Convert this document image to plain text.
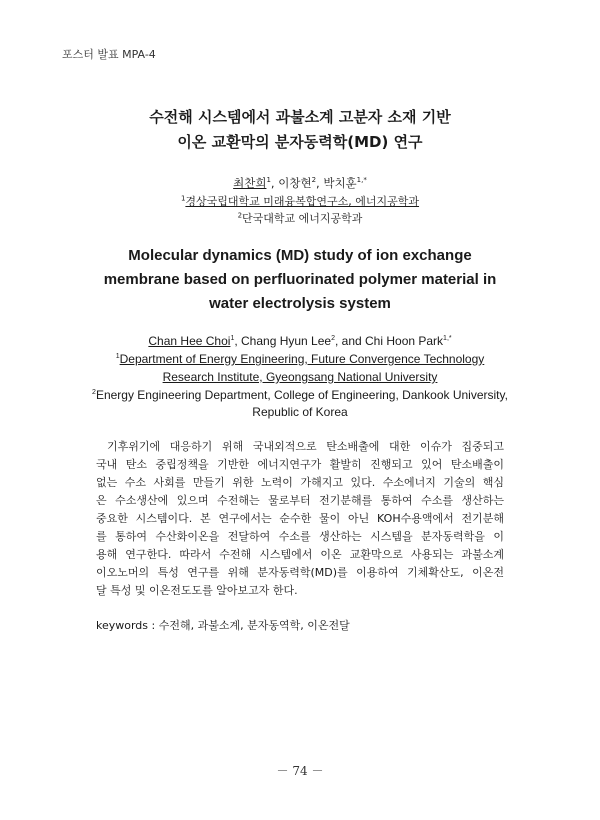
포스터 발표 MPA-4
수전해 시스템에서 과불소계 고분자 소재 기반
이온 교환막의 분자동력학(MD) 연구
최찬희$^1$, 이창현$^2$, 박치훈$^{1,*}$
$^1$경상국립대학교 미래융복합연구소, 에너지공학과
$^2$단국대학교 에너지공학과
Molecular dynamics (MD) study of ion exchange
membrane based on perfluorinated polymer material in
water electrolysis system
Chan Hee Choi$^1$, Chang Hyun Lee$^2$, and Chi Hoon Park$^{1,*}$
$^1$Department of Energy Engineering, Future Convergence Technology
Research Institute, Gyeongsang National University
$^2$Energy Engineering Department, College of Engineering, Dankook University,
Republic of Korea
기후위기에 대응하기 위해 국내외적으로 탄소배출에 대한 이슈가 집중되고
국내 탄소 중립정책을 기반한 에너지연구가 활발히 진행되고 있어 탄소배출이
없는 수소 사회를 만들기 위한 노력이 가해지고 있다. 수소에너지 기술의 핵심
은 수소생산에 있으며 수전해는 물로부터 전기분해를 통하여 수소를 생산하는
중요한 시스템이다. 본 연구에서는 순수한 물이 아닌 KOH수용액에서 전기분해
를 통하여 수산화이온을 전달하여 수소를 생산하는 시스템을 분자동력학을 이
용해 연구한다. 따라서 수전해 시스템에서 이온 교환막으로 사용되는 과불소계
이오노머의 특성 연구를 위해 분자동력학(MD)를 이용하여 기체확산도, 이온전
달 특성 및 이온전도도를 알아보고자 한다.
keywords : 수전해, 과불소계, 분자동역학, 이온전달
－ 74 －
